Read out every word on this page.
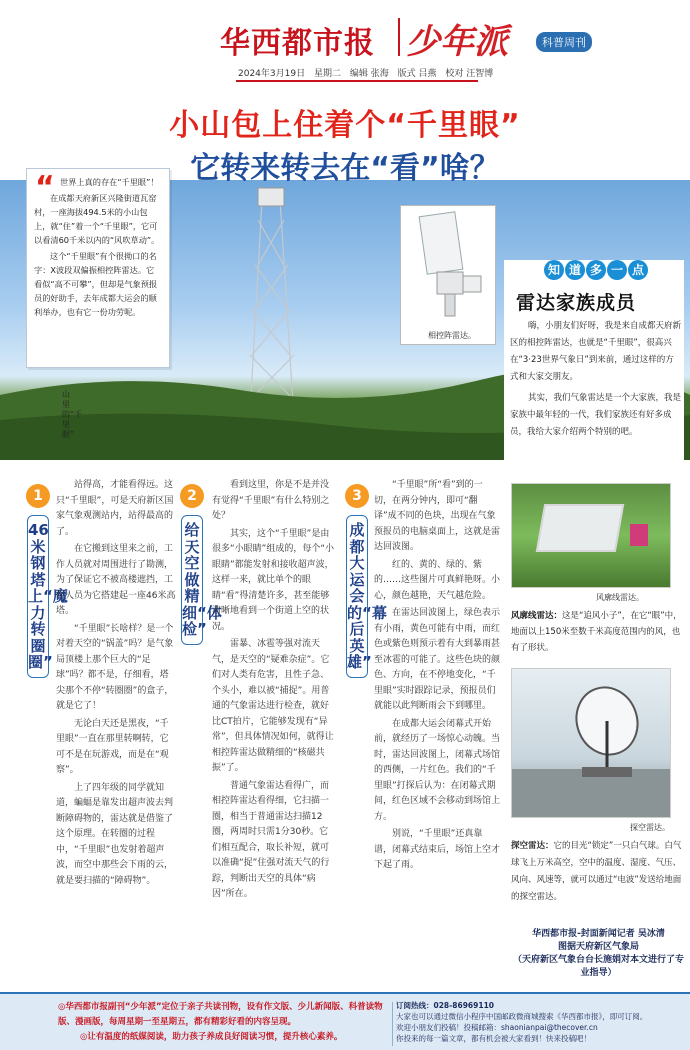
华西都市报 少年派	科普周刊
2024年3月19日 星期二 编辑 张海 版式 吕燕 校对 汪智博
小山包上住着个“千里眼”
它转来转去在“看”啥？
“ 世界上真的存在“千里眼”！

在成都天府新区兴隆街道瓦窑村，一座海拔494.5米的小山包上，就“住”着一个“千里眼”，它可以看清60千米以内的“风吹草动”。

这个“千里眼”有个很拗口的名字：X波段双偏振相控阵雷达。它看似“高不可攀”，但却是气象预报员的好助手，去年成都大运会的顺利举办，也有它一份功劳呢。

山里的“千里眼”
相控阵雷达。
知 道 多 一 点
雷达家族成员

嗨，小朋友们好呀，我是来自成都天府新区的相控阵雷达，也就是“千里眼”，很高兴在“3·23世界气象日”到来前，通过这样的方式和大家交朋友。

其实，我们气象雷达是一个大家族，我是家族中最年轻的一代，我们家族还有好多成员，我给大家介绍两个特别的吧。

1
46米钢塔上“魔力转圈圈”

站得高，才能看得远。这只“千里眼”，可是天府新区国家气象观测站内，站得最高的了。

在它搬到这里来之前，工作人员就对周围进行了勘测，为了保证它不被高楼遮挡，工作人员为它搭建起一座46米高塔。

“千里眼”长啥样？是一个对着天空的“锅盖”吗？是气象局顶楼上那个巨大的“足球”吗？都不是，仔细看，塔尖那个不停“转圈圈”的盒子，就是它了！

无论白天还是黑夜，“千里眼”一直在那里转啊转，它可不是在玩游戏，而是在“观察”。

上了四年级的同学就知道，蝙蝠是靠发出超声波去判断障碍物的，雷达就是借鉴了这个原理。在转圈的过程中，“千里眼”也发射着超声波，而空中那些会下雨的云，就是要扫描的“障碍物”。

2
给天空做精细“体检”

看到这里，你是不是并没有觉得“千里眼”有什么特别之处？

其实，这个“千里眼”是由很多“小眼睛”组成的，每个“小眼睛”都能发射和接收超声波，这样一来，就比单个的眼睛“看”得清楚许多，甚至能够清晰地看到一个街道上空的状况。

雷暴、冰雹等强对流天气，是天空的“疑难杂症”。它们对人类有危害，且性子急、个头小，难以被“捕捉”。用普通的气象雷达进行检查，就好比CT拍片，它能够发现有“异常”，但具体情况如何，就得让相控阵雷达做精细的“核磁共振”了。

普通气象雷达看得广，而相控阵雷达看得细，它扫描一圈，相当于普通雷达扫描12圈，两周时只需1分30秒。它们相互配合，取长补短，就可以准确“捉”住强对流天气的行踪，判断出天空的具体“病因”所在。

3
成都大运会的“幕后英雄”

“千里眼”所“看”到的一切，在两分钟内，即可“翻译”成不同的色块，出现在气象预报员的电脑桌面上，这就是雷达回波图。

红的、黄的、绿的、紫的……这些图片可真鲜艳呀。小心，颜色越艳，天气越危险。

在雷达回波图上，绿色表示有小雨，黄色可能有中雨，而红色或紫色则预示着有大到暴雨甚至冰雹的可能了。这些色块的颜色、方向，在不停地变化，“千里眼”实时跟踪记录，预报员们就能以此判断雨会下到哪里。

在成都大运会闭幕式开始前，就经历了一场惊心动魄。当时，雷达回波图上，闭幕式场馆的西侧，一片红色。我们的“千里眼”打探后认为：在闭幕式期间，红色区域不会移动到场馆上方。

别说，“千里眼”还真靠谱，闭幕式结束后，场馆上空才下起了雨。

风廓线雷达。
风廓线雷达：这是“追风小子”，在它“眼”中，地面以上150米至数千米高度范围内的风，也有了形状。
探空雷达。
探空雷达：它的目光“锁定”一只白气球。白气球飞上万米高空，空中的温度、湿度、气压、风向、风速等，就可以通过“电波”发送给地面的探空雷达。
华西都市报-封面新闻记者 吴冰清
图据天府新区气象局
（天府新区气象台台长施娟对本文进行了专业指导）
◎华西都市报副刊“少年派”定位于亲子共读刊物，设有作文版、少儿新闻版、科普读物版、漫画版，每周星期一至星期五，都有精彩好看的内容呈现。
◎让有温度的纸媒阅读，助力孩子养成良好阅读习惯，提升核心素养。
订阅热线：028-86969110
大家也可以通过微信小程序中国邮政微商城搜索《华西都市报》，即可订阅。
欢迎小朋友们投稿！投稿邮箱：shaonianpai@thecover.cn
你投来的每一篇文章，都有机会被大家看到！快来投稿吧！
